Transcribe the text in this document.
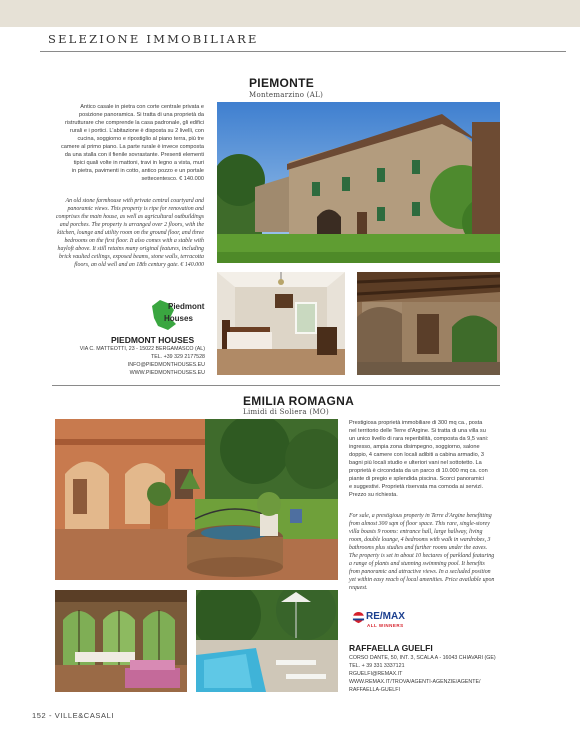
SELEZIONE IMMOBILIARE
PIEMONTE
Montemarzino (AL)
Antico casale in pietra con corte centrale privata e
posizione panoramica. Si tratta di una proprietà da
ristrutturare che comprende la casa padronale, gli edifici
rurali e i portici. L'abitazione è disposta su 2 livelli, con
cucina, soggiorno e ripostiglio al piano terra, più tre
camere al primo piano. La parte rurale è invece composta
da una stalla con il fienile sovrastante. Presenti elementi
tipici quali volte in mattoni, travi in legno a vista, muri
in pietra, pavimenti in cotto, antico pozzo e un portale
settecentesco. € 140.000
An old stone farmhouse with private central courtyard and
panoramic views. This property is ripe for renovation and
comprises the main house, as well as agricultural outbuildings
and porches. The property is arranged over 2 floors, with the
kitchen, lounge and utility room on the ground floor, and three
bedrooms on the first floor. It also comes with a stable with
hayloft above. It still retains many original features, including
brick vaulted ceilings, exposed beams, stone walls, terracotta
floors, an old well and an 18th century gate. € 140.000
Piedmont
Houses
PIEDMONT HOUSES
VIA C. MATTEOTTI, 23 - 15022 BERGAMASCO (AL)
TEL. +39 329 2177528
INFO@PIEDMONTHOUSES.EU
WWW.PIEDMONTHOUSES.EU
EMILIA ROMAGNA
Limidi di Soliera (MO)
Prestigiosa proprietà immobiliare di 300 mq ca., posta
nel territorio delle Terre d'Argine. Si tratta di una villa su
un unico livello di rara reperibilità, composta da 9,5 vani:
ingresso, ampia zona disimpegno, soggiorno, salone
doppio, 4 camere con locali adibiti a cabina armadio, 3
bagni più locali studio e ulteriori vani nel sottotetto. La
proprietà è circondata da un parco di 10.000 mq ca. con
piante di pregio e splendida piscina. Scorci panoramici
e suggestivi. Proprietà riservata ma comoda ai servizi.
Prezzo su richiesta.
For sale, a prestigious property in Terre d'Argine benefitting
from almost 300 sqm of floor space. This rare, single-storey
villa boasts 9 rooms: entrance hall, large hallway, living
room, double lounge, 4 bedrooms with walk in wardrobes, 3
bathrooms plus studies and further rooms under the eaves.
The property is set in about 10 hectares of parkland featuring
a range of plants and stunning swimming pool. It benefits
from panoramic and attractive views. In a secluded position
yet within easy reach of local amenities. Price available upon
request.
RE/MAX
ALL WINNERS
RAFFAELLA GUELFI
CORSO DANTE, 50, INT. 3, SCALA A - 16043 CHIAVARI (GE)
TEL. + 39 331 3337121
RGUELFI@REMAX.IT
WWW.REMAX.IT/TROVA/AGENTI-AGENZIE/AGENTE/
RAFFAELLA-GUELFI
152 - VILLE&CASALI
